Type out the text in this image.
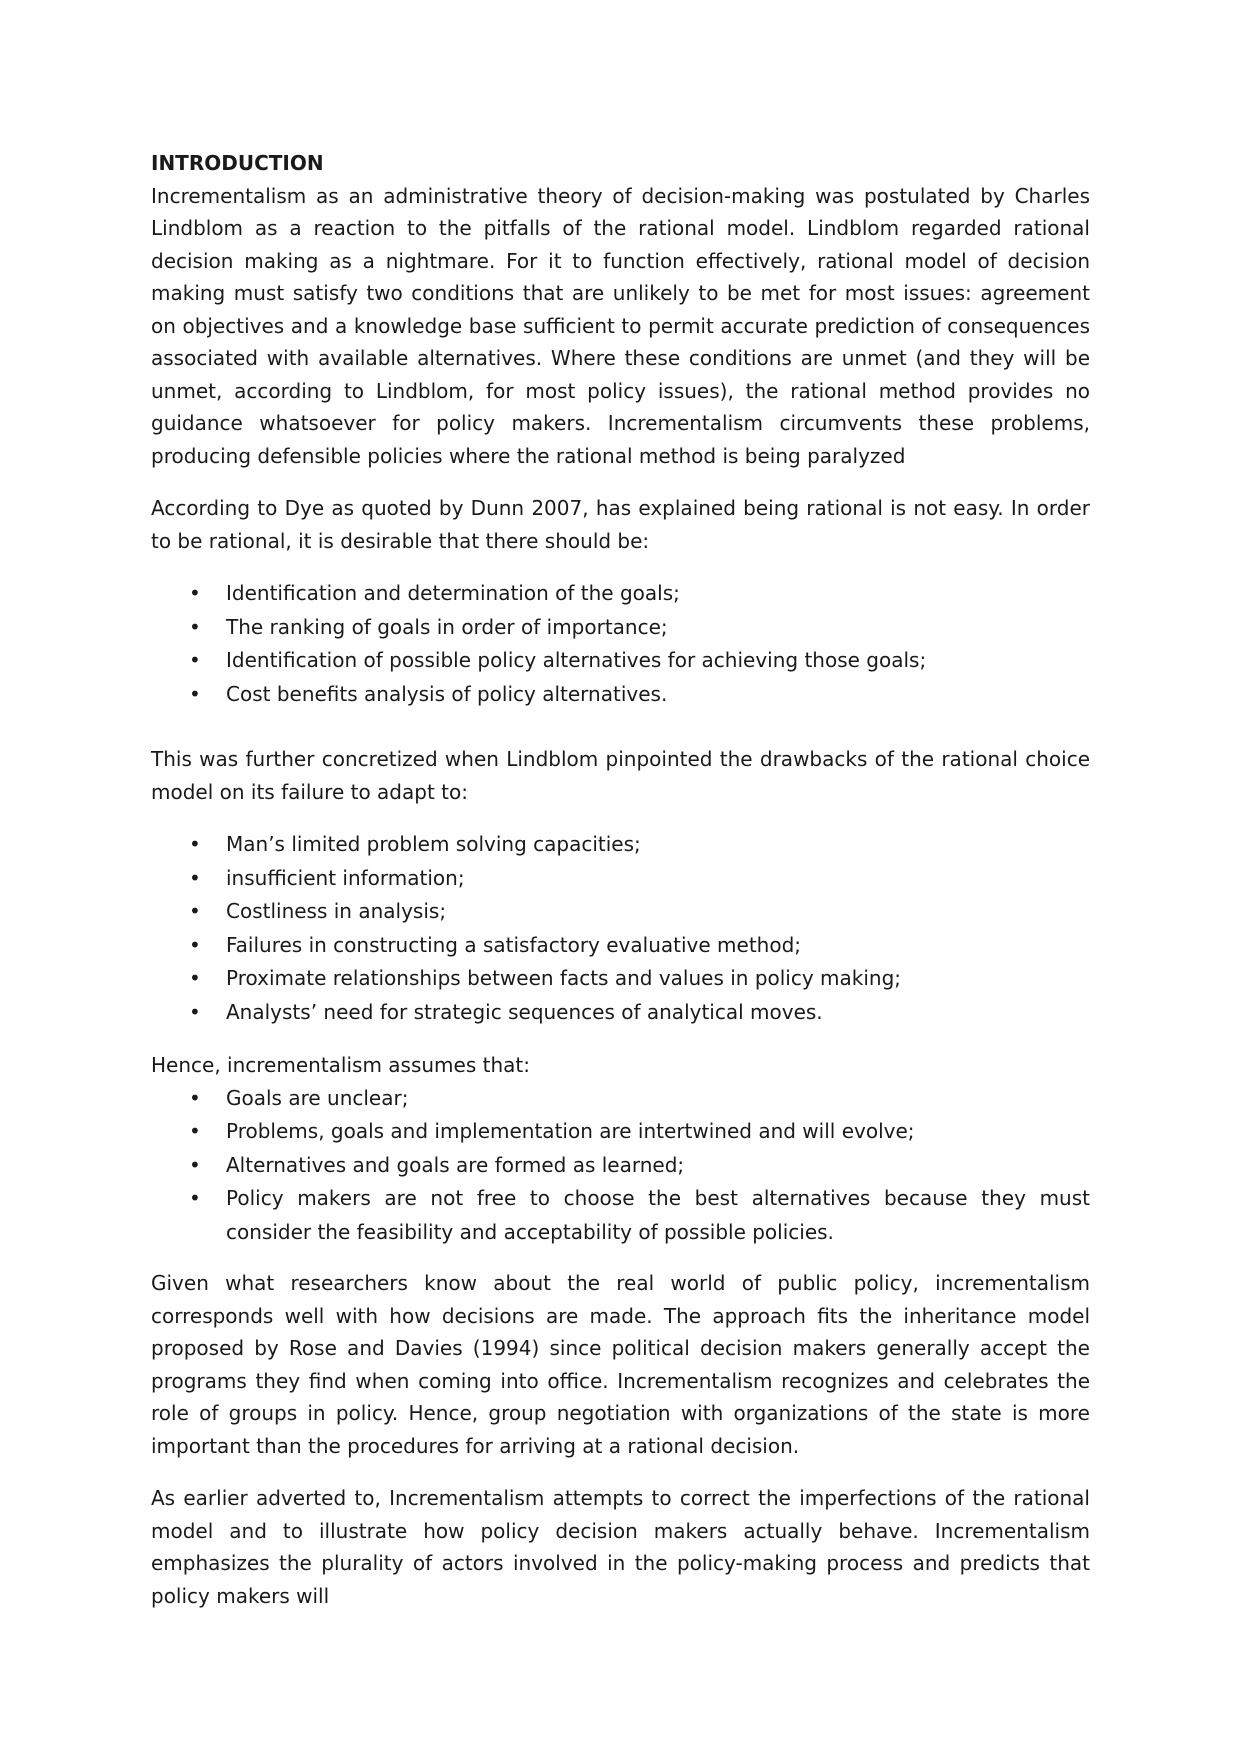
INTRODUCTION

Incrementalism as an administrative theory of decision-making was postulated by Charles Lindblom as a reaction to the pitfalls of the rational model. Lindblom regarded rational decision making as a nightmare. For it to function effectively, rational model of decision making must satisfy two conditions that are unlikely to be met for most issues: agreement on objectives and a knowledge base sufficient to permit accurate prediction of consequences associated with available alternatives. Where these conditions are unmet (and they will be unmet, according to Lindblom, for most policy issues), the rational method provides no guidance whatsoever for policy makers. Incrementalism circumvents these problems, producing defensible policies where the rational method is being paralyzed

According to Dye as quoted by Dunn 2007, has explained being rational is not easy. In order to be rational, it is desirable that there should be:

• Identification and determination of the goals;
• The ranking of goals in order of importance;
• Identification of possible policy alternatives for achieving those goals;
• Cost benefits analysis of policy alternatives.

This was further concretized when Lindblom pinpointed the drawbacks of the rational choice model on its failure to adapt to:

• Man’s limited problem solving capacities;
• insufficient information;
• Costliness in analysis;
• Failures in constructing a satisfactory evaluative method;
• Proximate relationships between facts and values in policy making;
• Analysts’ need for strategic sequences of analytical moves.

Hence, incrementalism assumes that:

• Goals are unclear;
• Problems, goals and implementation are intertwined and will evolve;
• Alternatives and goals are formed as learned;
• Policy makers are not free to choose the best alternatives because they must consider the feasibility and acceptability of possible policies.

Given what researchers know about the real world of public policy, incrementalism corresponds well with how decisions are made. The approach fits the inheritance model proposed by Rose and Davies (1994) since political decision makers generally accept the programs they find when coming into office. Incrementalism recognizes and celebrates the role of groups in policy. Hence, group negotiation with organizations of the state is more important than the procedures for arriving at a rational decision.

As earlier adverted to, Incrementalism attempts to correct the imperfections of the rational model and to illustrate how policy decision makers actually behave. Incrementalism emphasizes the plurality of actors involved in the policy-making process and predicts that policy makers will
